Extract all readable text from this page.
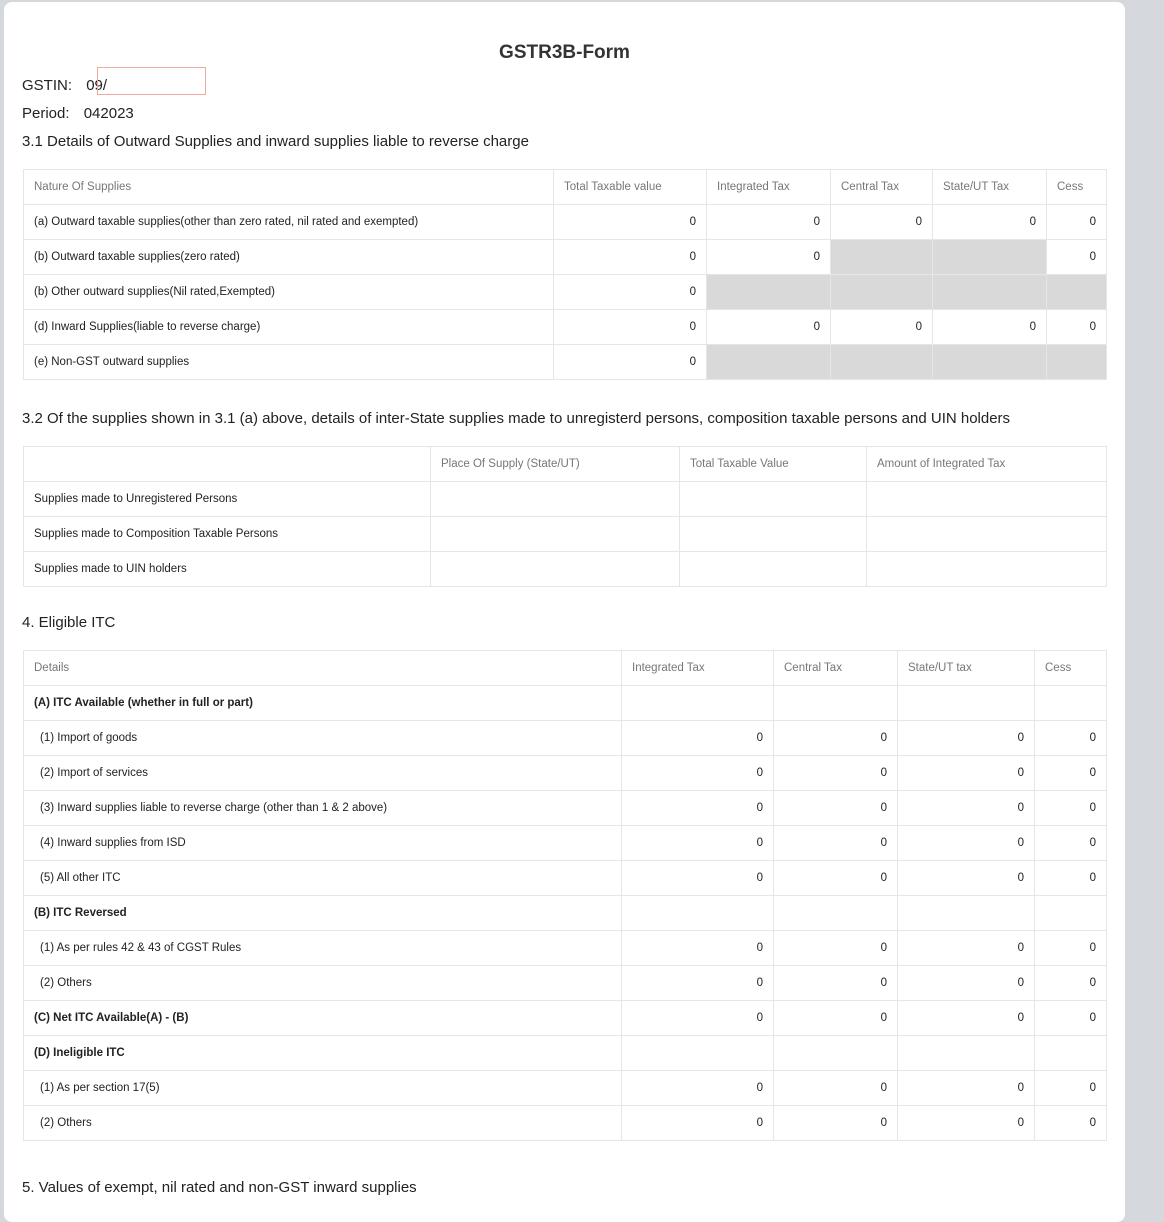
GSTR3B-Form
GSTIN: 09/
Period: 042023
3.1 Details of Outward Supplies and inward supplies liable to reverse charge
Nature Of Supplies	Total Taxable value	Integrated Tax	Central Tax	State/UT Tax	Cess
(a) Outward taxable supplies(other than zero rated, nil rated and exempted)	0	0	0	0	0
(b) Outward taxable supplies(zero rated)	0	0			0
(b) Other outward supplies(Nil rated,Exempted)	0				
(d) Inward Supplies(liable to reverse charge)	0	0	0	0	0
(e) Non-GST outward supplies	0				
3.2 Of the supplies shown in 3.1 (a) above, details of inter-State supplies made to unregisterd persons, composition taxable persons and UIN holders
	Place Of Supply (State/UT)	Total Taxable Value	Amount of Integrated Tax
Supplies made to Unregistered Persons			
Supplies made to Composition Taxable Persons			
Supplies made to UIN holders			
4. Eligible ITC
Details	Integrated Tax	Central Tax	State/UT tax	Cess
(A) ITC Available (whether in full or part)				
(1) Import of goods	0	0	0	0
(2) Import of services	0	0	0	0
(3) Inward supplies liable to reverse charge (other than 1 & 2 above)	0	0	0	0
(4) Inward supplies from ISD	0	0	0	0
(5) All other ITC	0	0	0	0
(B) ITC Reversed				
(1) As per rules 42 & 43 of CGST Rules	0	0	0	0
(2) Others	0	0	0	0
(C) Net ITC Available(A) - (B)	0	0	0	0
(D) Ineligible ITC				
(1) As per section 17(5)	0	0	0	0
(2) Others	0	0	0	0
5. Values of exempt, nil rated and non-GST inward supplies
